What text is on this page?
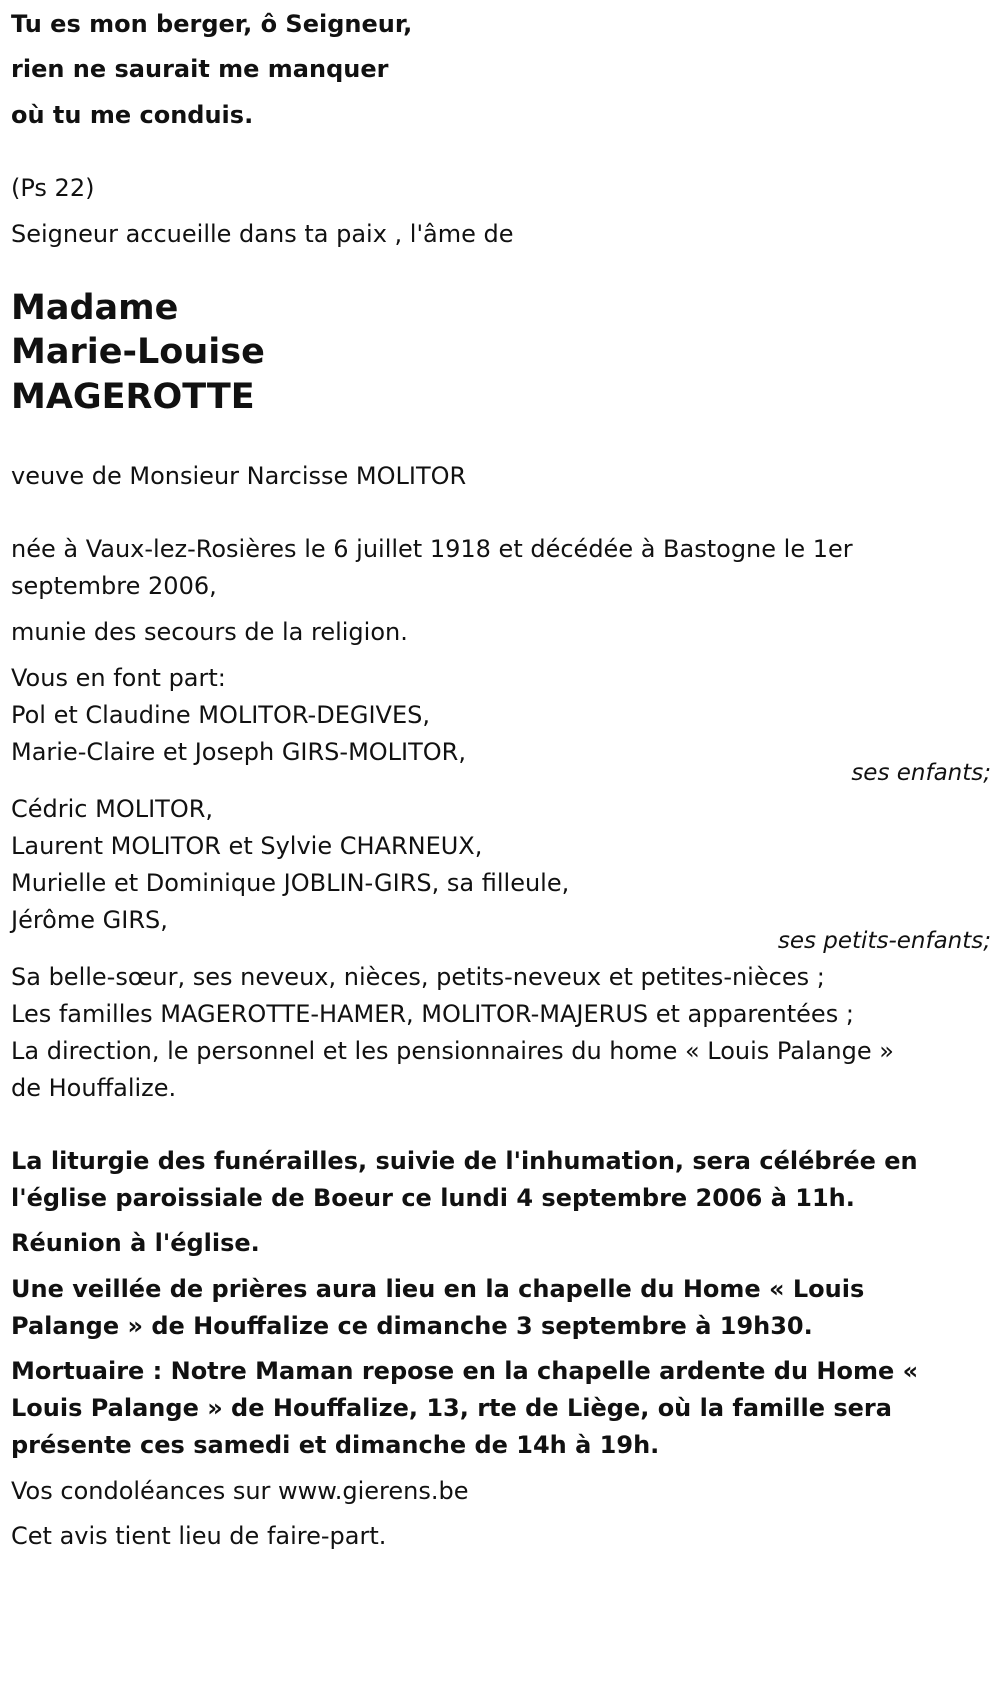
Tu es mon berger, ô Seigneur,
rien ne saurait me manquer
où tu me conduis.
(Ps 22)
Seigneur accueille dans ta paix , l'âme de
Madame
Marie-Louise
MAGEROTTE
veuve de Monsieur Narcisse MOLITOR
née à Vaux-lez-Rosières le 6 juillet 1918 et décédée à Bastogne le 1er
septembre 2006,
munie des secours de la religion.
Vous en font part:
Pol et Claudine MOLITOR-DEGIVES,
Marie-Claire et Joseph GIRS-MOLITOR,
ses enfants;
Cédric MOLITOR,
Laurent MOLITOR et Sylvie CHARNEUX,
Murielle et Dominique JOBLIN-GIRS, sa filleule,
Jérôme GIRS,
ses petits-enfants;
Sa belle-sœur, ses neveux, nièces, petits-neveux et petites-nièces ;
Les familles MAGEROTTE-HAMER, MOLITOR-MAJERUS et apparentées ;
La direction, le personnel et les pensionnaires du home « Louis Palange »
de Houffalize.
La liturgie des funérailles, suivie de l'inhumation, sera célébrée en
l'église paroissiale de Boeur ce lundi 4 septembre 2006 à 11h.
Réunion à l'église.
Une veillée de prières aura lieu en la chapelle du Home « Louis
Palange » de Houffalize ce dimanche 3 septembre à 19h30.
Mortuaire : Notre Maman repose en la chapelle ardente du Home «
Louis Palange » de Houffalize, 13, rte de Liège, où la famille sera
présente ces samedi et dimanche de 14h à 19h.
Vos condoléances sur www.gierens.be
Cet avis tient lieu de faire-part.
